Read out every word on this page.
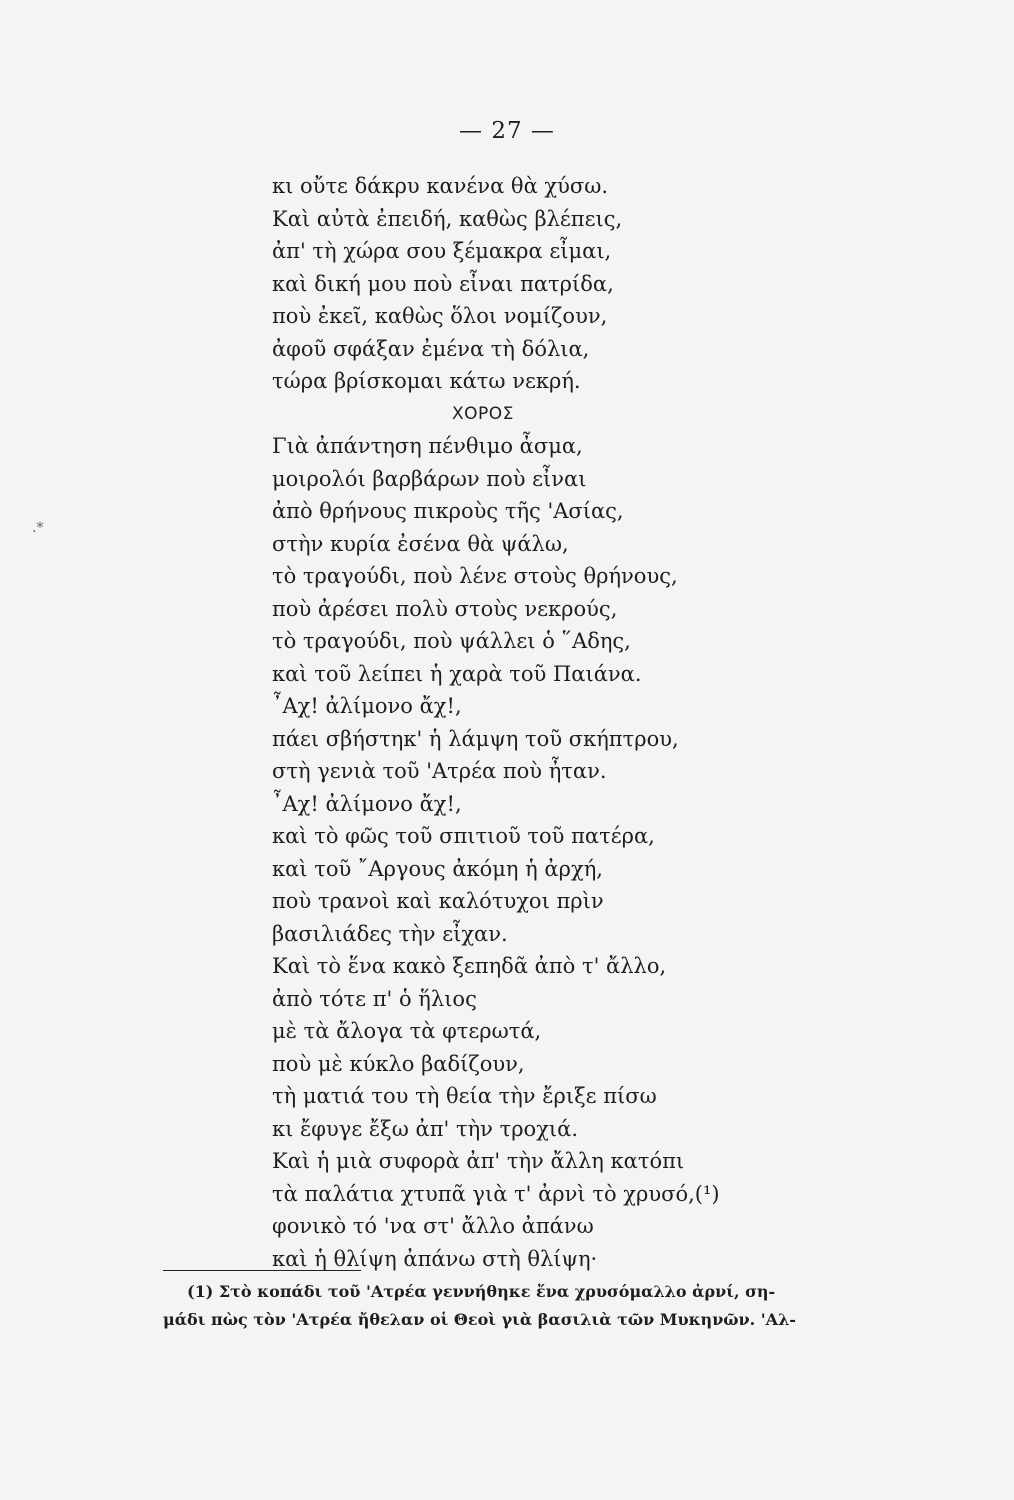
— 27 —
.*
κι οὔτε δάκρυ κανένα θὰ χύσω.
Καὶ αὐτὰ ἐπειδή, καθὼς βλέπεις,
ἀπ' τὴ χώρα σου ξέμακρα εἶμαι,
καὶ δική μου ποὺ εἶναι πατρίδα,
ποὺ ἐκεῖ, καθὼς ὅλοι νομίζουν,
ἀφοῦ σφάξαν ἐμένα τὴ δόλια,
τώρα βρίσκομαι κάτω νεκρή.
ΧΟΡΟΣ
Γιὰ ἀπάντηση πένθιμο ἆσμα,
μοιρολόι βαρβάρων ποὺ εἶναι
ἀπὸ θρήνους πικροὺς τῆς 'Ασίας,
στὴν κυρία ἐσένα θὰ ψάλω,
τὸ τραγούδι, ποὺ λένε στοὺς θρήνους,
ποὺ ἀρέσει πολὺ στοὺς νεκρούς,
τὸ τραγούδι, ποὺ ψάλλει ὁ ῞Αδης,
καὶ τοῦ λείπει ἡ χαρὰ τοῦ Παιάνα.
῏Αχ! ἀλίμονο ἄχ!,
πάει σβήστηκ' ἡ λάμψη τοῦ σκήπτρου,
στὴ γενιὰ τοῦ 'Ατρέα ποὺ ἦταν.
῏Αχ! ἀλίμονο ἄχ!,
καὶ τὸ φῶς τοῦ σπιτιοῦ τοῦ πατέρα,
καὶ τοῦ ῎Αργους ἀκόμη ἡ ἀρχή,
ποὺ τρανοὶ καὶ καλότυχοι πρὶν
βασιλιάδες τὴν εἶχαν.
Καὶ τὸ ἕνα κακὸ ξεπηδᾶ ἀπὸ τ' ἄλλο,
ἀπὸ τότε π' ὁ ἥλιος
μὲ τὰ ἄλογα τὰ φτερωτά,
ποὺ μὲ κύκλο βαδίζουν,
τὴ ματιά του τὴ θεία τὴν ἔριξε πίσω
κι ἔφυγε ἔξω ἀπ' τὴν τροχιά.
Καὶ ἡ μιὰ συφορὰ ἀπ' τὴν ἄλλη κατόπι
τὰ παλάτια χτυπᾶ γιὰ τ' ἀρνὶ τὸ χρυσό,(¹)
φονικὸ τό 'να στ' ἄλλο ἀπάνω
καὶ ἡ θλίψη ἀπάνω στὴ θλίψη·
(1) Στὸ κοπάδι τοῦ 'Ατρέα γεννήθηκε ἕνα χρυσόμαλλο ἀρνί, ση-
μάδι πὼς τὸν 'Ατρέα ἤθελαν οἱ Θεοὶ γιὰ βασιλιὰ τῶν Μυκηνῶν. 'Αλ-
